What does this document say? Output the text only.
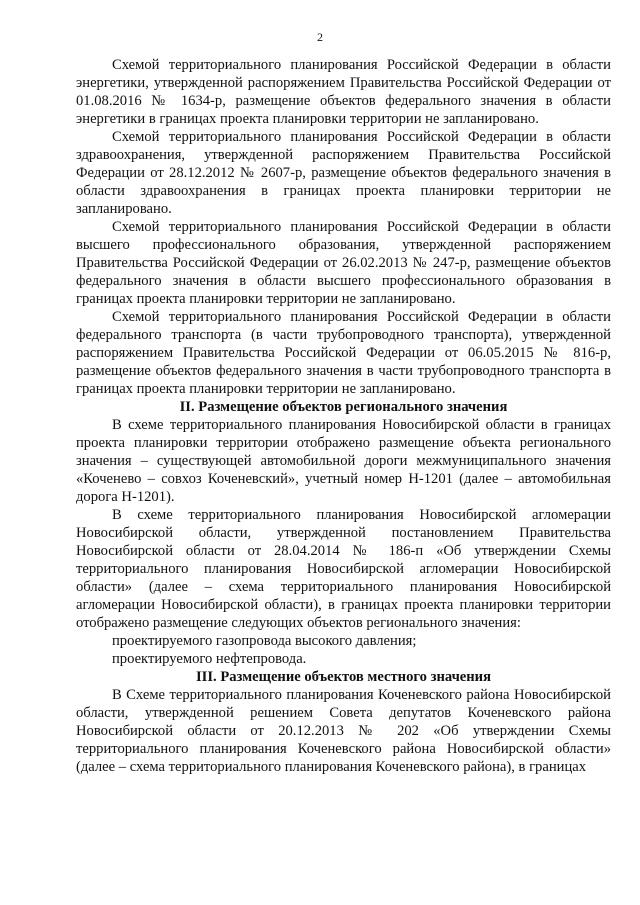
2

Схемой территориального планирования Российской Федерации в области энергетики, утвержденной распоряжением Правительства Российской Федерации от 01.08.2016 № 1634-р, размещение объектов федерального значения в области энергетики в границах проекта планировки территории не запланировано.

Схемой территориального планирования Российской Федерации в области здравоохранения, утвержденной распоряжением Правительства Российской Федерации от 28.12.2012 № 2607-р, размещение объектов федерального значения в области здравоохранения в границах проекта планировки территории не запланировано.

Схемой территориального планирования Российской Федерации в области высшего профессионального образования, утвержденной распоряжением Правительства Российской Федерации от 26.02.2013 № 247-р, размещение объектов федерального значения в области высшего профессионального образования в границах проекта планировки территории не запланировано.

Схемой территориального планирования Российской Федерации в области федерального транспорта (в части трубопроводного транспорта), утвержденной распоряжением Правительства Российской Федерации от 06.05.2015 № 816-р, размещение объектов федерального значения в части трубопроводного транспорта в границах проекта планировки территории не запланировано.

II. Размещение объектов регионального значения

В схеме территориального планирования Новосибирской области в границах проекта планировки территории отображено размещение объекта регионального значения – существующей автомобильной дороги межмуниципального значения «Коченево – совхоз Коченевский», учетный номер Н-1201 (далее – автомобильная дорога Н-1201).

В схеме территориального планирования Новосибирской агломерации Новосибирской области, утвержденной постановлением Правительства Новосибирской области от 28.04.2014 № 186-п «Об утверждении Схемы территориального планирования Новосибирской агломерации Новосибирской области» (далее – схема территориального планирования Новосибирской агломерации Новосибирской области), в границах проекта планировки территории отображено размещение следующих объектов регионального значения:

проектируемого газопровода высокого давления;

проектируемого нефтепровода.

III. Размещение объектов местного значения

В Схеме территориального планирования Коченевского района Новосибирской области, утвержденной решением Совета депутатов Коченевского района Новосибирской области от 20.12.2013 № 202 «Об утверждении Схемы территориального планирования Коченевского района Новосибирской области» (далее – схема территориального планирования Коченевского района), в границах
